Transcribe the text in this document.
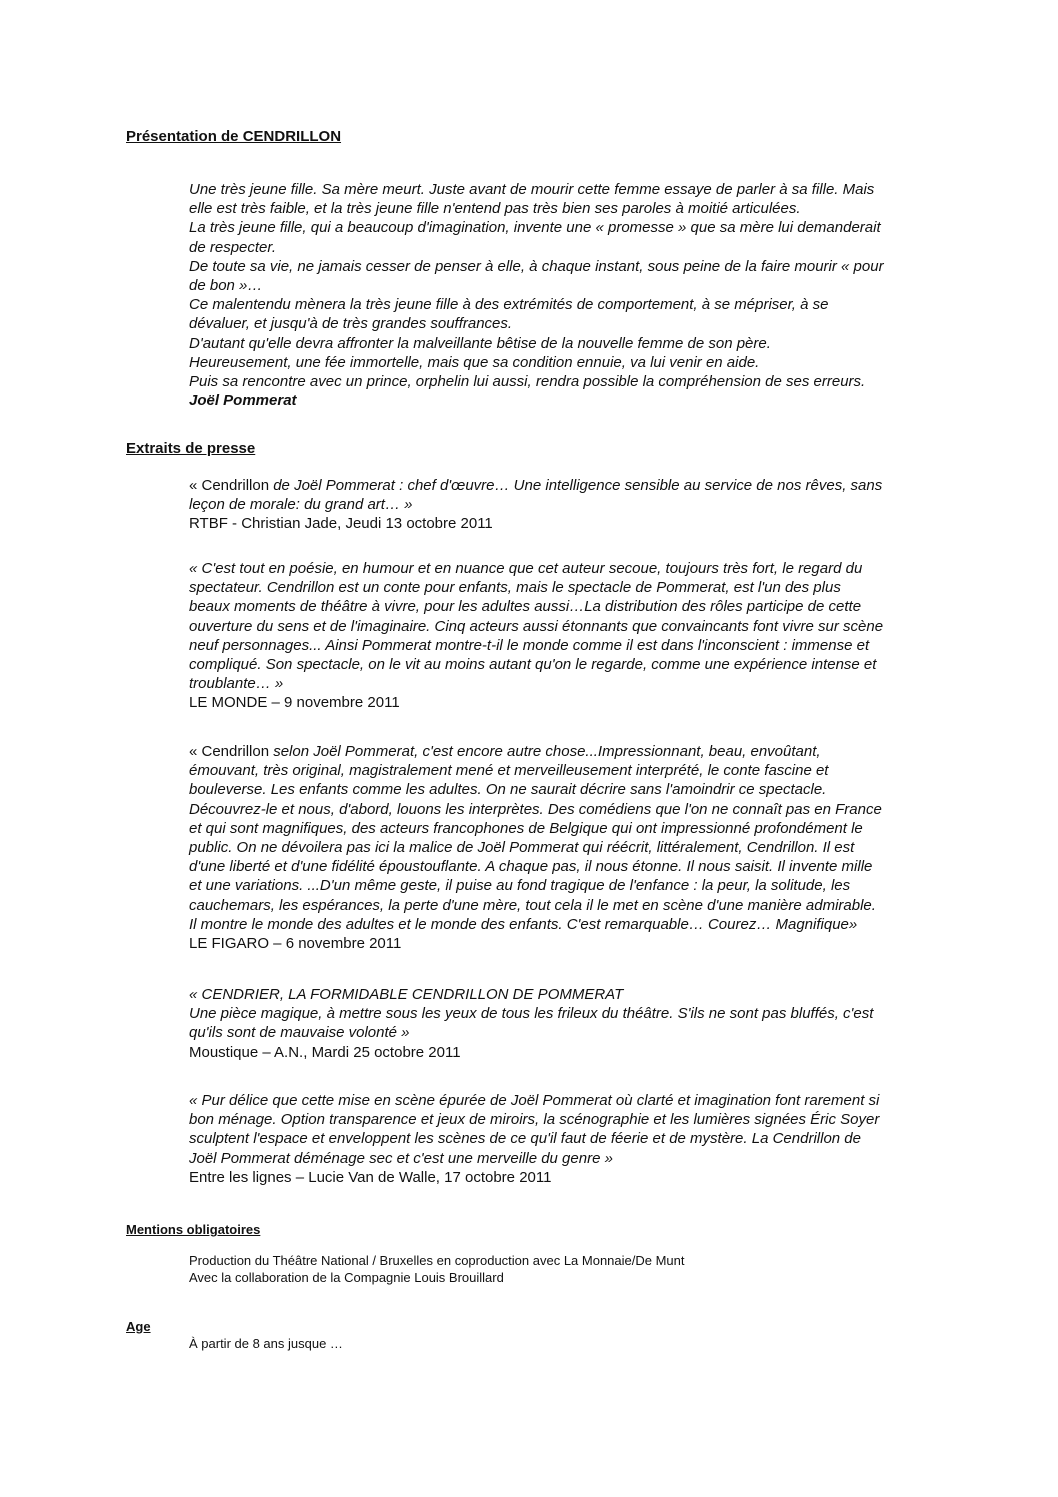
Présentation de CENDRILLON
Une très jeune fille. Sa mère meurt. Juste avant de mourir cette femme essaye de parler à sa fille. Mais
elle est très faible, et la très jeune fille n'entend pas très bien ses paroles à moitié articulées.
La très jeune fille, qui a beaucoup d'imagination, invente une « promesse » que sa mère lui demanderait
de respecter.
De toute sa vie, ne jamais cesser de penser à elle, à chaque instant, sous peine de la faire mourir « pour
de bon »…
Ce malentendu mènera la très jeune fille à des extrémités de comportement, à se mépriser, à se
dévaluer, et jusqu'à de très grandes souffrances.
D'autant qu'elle devra affronter la malveillante bêtise de la nouvelle femme de son père.
Heureusement, une fée immortelle, mais que sa condition ennuie, va lui venir en aide.
Puis sa rencontre avec un prince, orphelin lui aussi, rendra possible la compréhension de ses erreurs.
Joël Pommerat
Extraits de presse
« Cendrillon de Joël Pommerat : chef d'œuvre… Une intelligence sensible au service de nos rêves, sans
leçon de morale: du grand art… »
RTBF - Christian Jade, Jeudi 13 octobre 2011
« C'est tout en poésie, en humour et en nuance que cet auteur secoue, toujours très fort, le regard du
spectateur. Cendrillon est un conte pour enfants, mais le spectacle de Pommerat, est l'un des plus
beaux moments de théâtre à vivre, pour les adultes aussi…La distribution des rôles participe de cette
ouverture du sens et de l'imaginaire. Cinq acteurs aussi étonnants que convaincants font vivre sur scène
neuf personnages... Ainsi Pommerat montre-t-il le monde comme il est dans l'inconscient : immense et
compliqué. Son spectacle, on le vit au moins autant qu'on le regarde, comme une expérience intense et
troublante… »
LE MONDE – 9 novembre 2011
« Cendrillon selon Joël Pommerat, c'est encore autre chose...Impressionnant, beau, envoûtant,
émouvant, très original, magistralement mené et merveilleusement interprété, le conte fascine et
bouleverse. Les enfants comme les adultes. On ne saurait décrire sans l'amoindrir ce spectacle.
Découvrez-le et nous, d'abord, louons les interprètes. Des comédiens que l'on ne connaît pas en France
et qui sont magnifiques, des acteurs francophones de Belgique qui ont impressionné profondément le
public. On ne dévoilera pas ici la malice de Joël Pommerat qui réécrit, littéralement, Cendrillon. Il est
d'une liberté et d'une fidélité époustouflante. A chaque pas, il nous étonne. Il nous saisit. Il invente mille
et une variations. ...D'un même geste, il puise au fond tragique de l'enfance : la peur, la solitude, les
cauchemars, les espérances, la perte d'une mère, tout cela il le met en scène d'une manière admirable.
Il montre le monde des adultes et le monde des enfants. C'est remarquable… Courez… Magnifique»
LE FIGARO – 6 novembre 2011
« CENDRIER, LA FORMIDABLE CENDRILLON DE POMMERAT
Une pièce magique, à mettre sous les yeux de tous les frileux du théâtre. S'ils ne sont pas bluffés, c'est
qu'ils sont de mauvaise volonté »
Moustique – A.N., Mardi 25 octobre 2011
« Pur délice que cette mise en scène épurée de Joël Pommerat où clarté et imagination font rarement si
bon ménage. Option transparence et jeux de miroirs, la scénographie et les lumières signées Éric Soyer
sculptent l'espace et enveloppent les scènes de ce qu'il faut de féerie et de mystère. La Cendrillon de
Joël Pommerat déménage sec et c'est une merveille du genre »
Entre les lignes – Lucie Van de Walle, 17 octobre 2011
Mentions obligatoires
Production du Théâtre National / Bruxelles en coproduction avec La Monnaie/De Munt
Avec la collaboration de la Compagnie Louis Brouillard
Age
À partir de 8 ans jusque …
